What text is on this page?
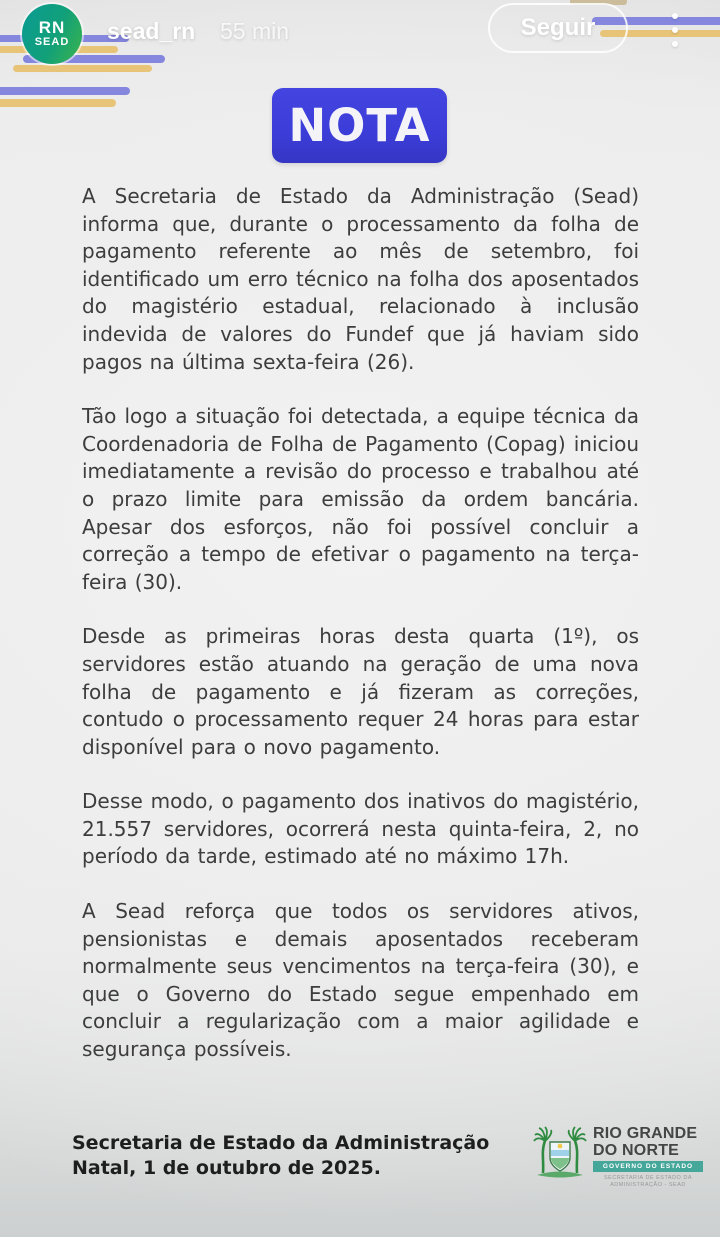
RN
SEAD sead_rn 55 min	Seguir
NOTA

A Secretaria de Estado da Administração (Sead) informa que, durante o processamento da folha de pagamento referente ao mês de setembro, foi identificado um erro técnico na folha dos aposentados do magistério estadual, relacionado à inclusão indevida de valores do Fundef que já haviam sido pagos na última sexta-feira (26).

Tão logo a situação foi detectada, a equipe técnica da Coordenadoria de Folha de Pagamento (Copag) iniciou imediatamente a revisão do processo e trabalhou até o prazo limite para emissão da ordem bancária. Apesar dos esforços, não foi possível concluir a correção a tempo de efetivar o pagamento na terça-feira (30).

Desde as primeiras horas desta quarta (1º), os servidores estão atuando na geração de uma nova folha de pagamento e já fizeram as correções, contudo o processamento requer 24 horas para estar disponível para o novo pagamento.

Desse modo, o pagamento dos inativos do magistério, 21.557 servidores, ocorrerá nesta quinta-feira, 2, no período da tarde, estimado até no máximo 17h.

A Sead reforça que todos os servidores ativos, pensionistas e demais aposentados receberam normalmente seus vencimentos na terça-feira (30), e que o Governo do Estado segue empenhado em concluir a regularização com a maior agilidade e segurança possíveis.

Secretaria de Estado da Administração
Natal, 1 de outubro de 2025.
RIO GRANDE
DO NORTE
GOVERNO DO ESTADO
SECRETARIA DE ESTADO DA
ADMINISTRAÇÃO - SEAD
